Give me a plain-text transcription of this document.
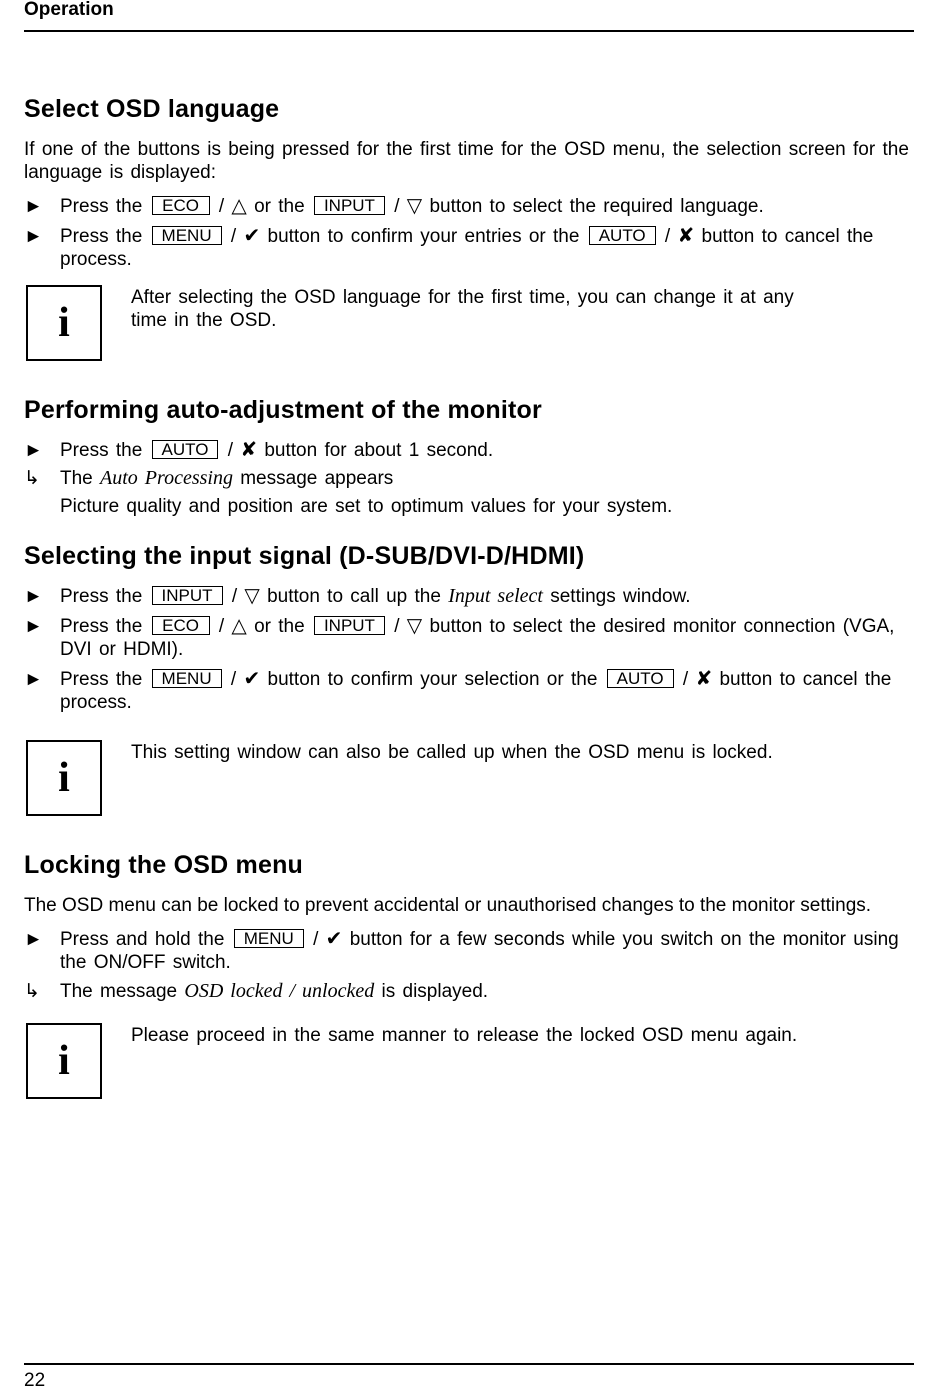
Operation
Select OSD language

If one of the buttons is being pressed for the first time for the OSD menu, the selection screen for the language is displayed:

► Press the ECO / △ or the INPUT / ▽ button to select the required language.
► Press the MENU / ✔ button to confirm your entries or the AUTO / ✘ button to cancel the process.
i
After selecting the OSD language for the first time, you can change it at any time in the OSD.
Performing auto-adjustment of the monitor
► Press the AUTO / ✘ button for about 1 second.
↳	The Auto Processing message appears
Picture quality and position are set to optimum values for your system.
Selecting the input signal (D-SUB/DVI-D/HDMI)
► Press the INPUT / ▽ button to call up the Input select settings window.
► Press the ECO / △ or the INPUT / ▽ button to select the desired monitor connection (VGA, DVI or HDMI).
► Press the MENU / ✔ button to confirm your selection or the AUTO / ✘ button to cancel the process.
i
This setting window can also be called up when the OSD menu is locked.
Locking the OSD menu

The OSD menu can be locked to prevent accidental or unauthorised changes to the monitor settings.

► Press and hold the MENU / ✔ button for a few seconds while you switch on the monitor using the ON/OFF switch.
↳	The message OSD locked / unlocked is displayed.
i
Please proceed in the same manner to release the locked OSD menu again.
22
